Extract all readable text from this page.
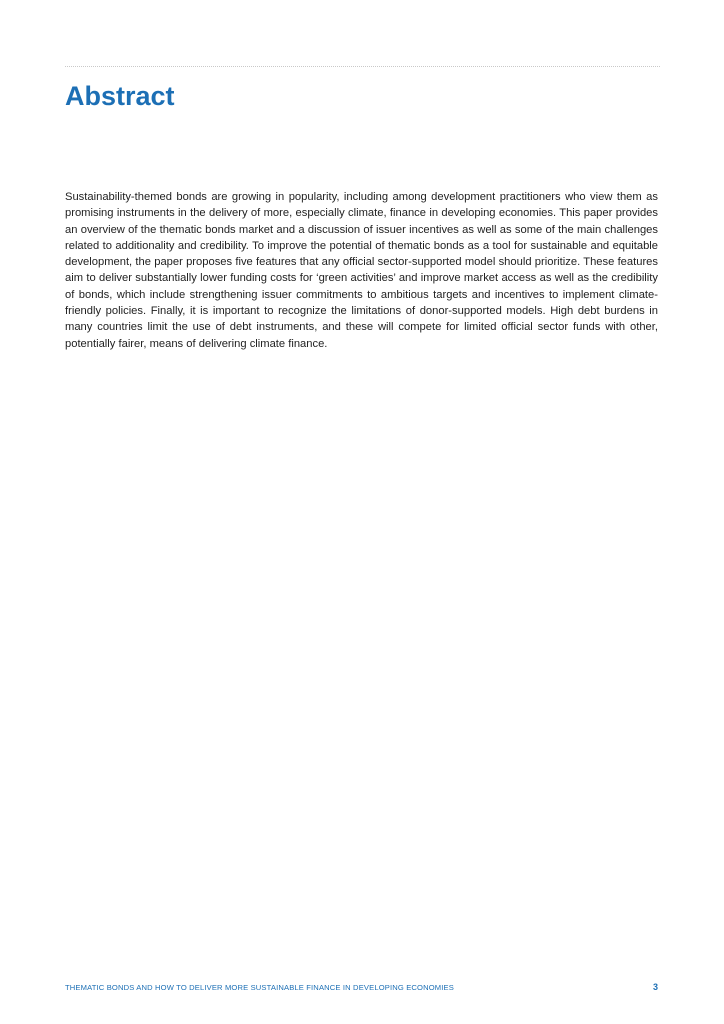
Abstract

Sustainability-themed bonds are growing in popularity, including among development practitioners who view them as promising instruments in the delivery of more, especially climate, finance in developing economies. This paper provides an overview of the thematic bonds market and a discussion of issuer incentives as well as some of the main challenges related to additionality and credibility. To improve the potential of thematic bonds as a tool for sustainable and equitable development, the paper proposes five features that any official sector-supported model should prioritize. These features aim to deliver substantially lower funding costs for ‘green activities’ and improve market access as well as the credibility of bonds, which include strengthening issuer commitments to ambitious targets and incentives to implement climate-friendly policies. Finally, it is important to recognize the limitations of donor-supported models. High debt burdens in many countries limit the use of debt instruments, and these will compete for limited official sector funds with other, potentially fairer, means of delivering climate finance.

THEMATIC BONDS AND HOW TO DELIVER MORE SUSTAINABLE FINANCE IN DEVELOPING ECONOMIES	3
